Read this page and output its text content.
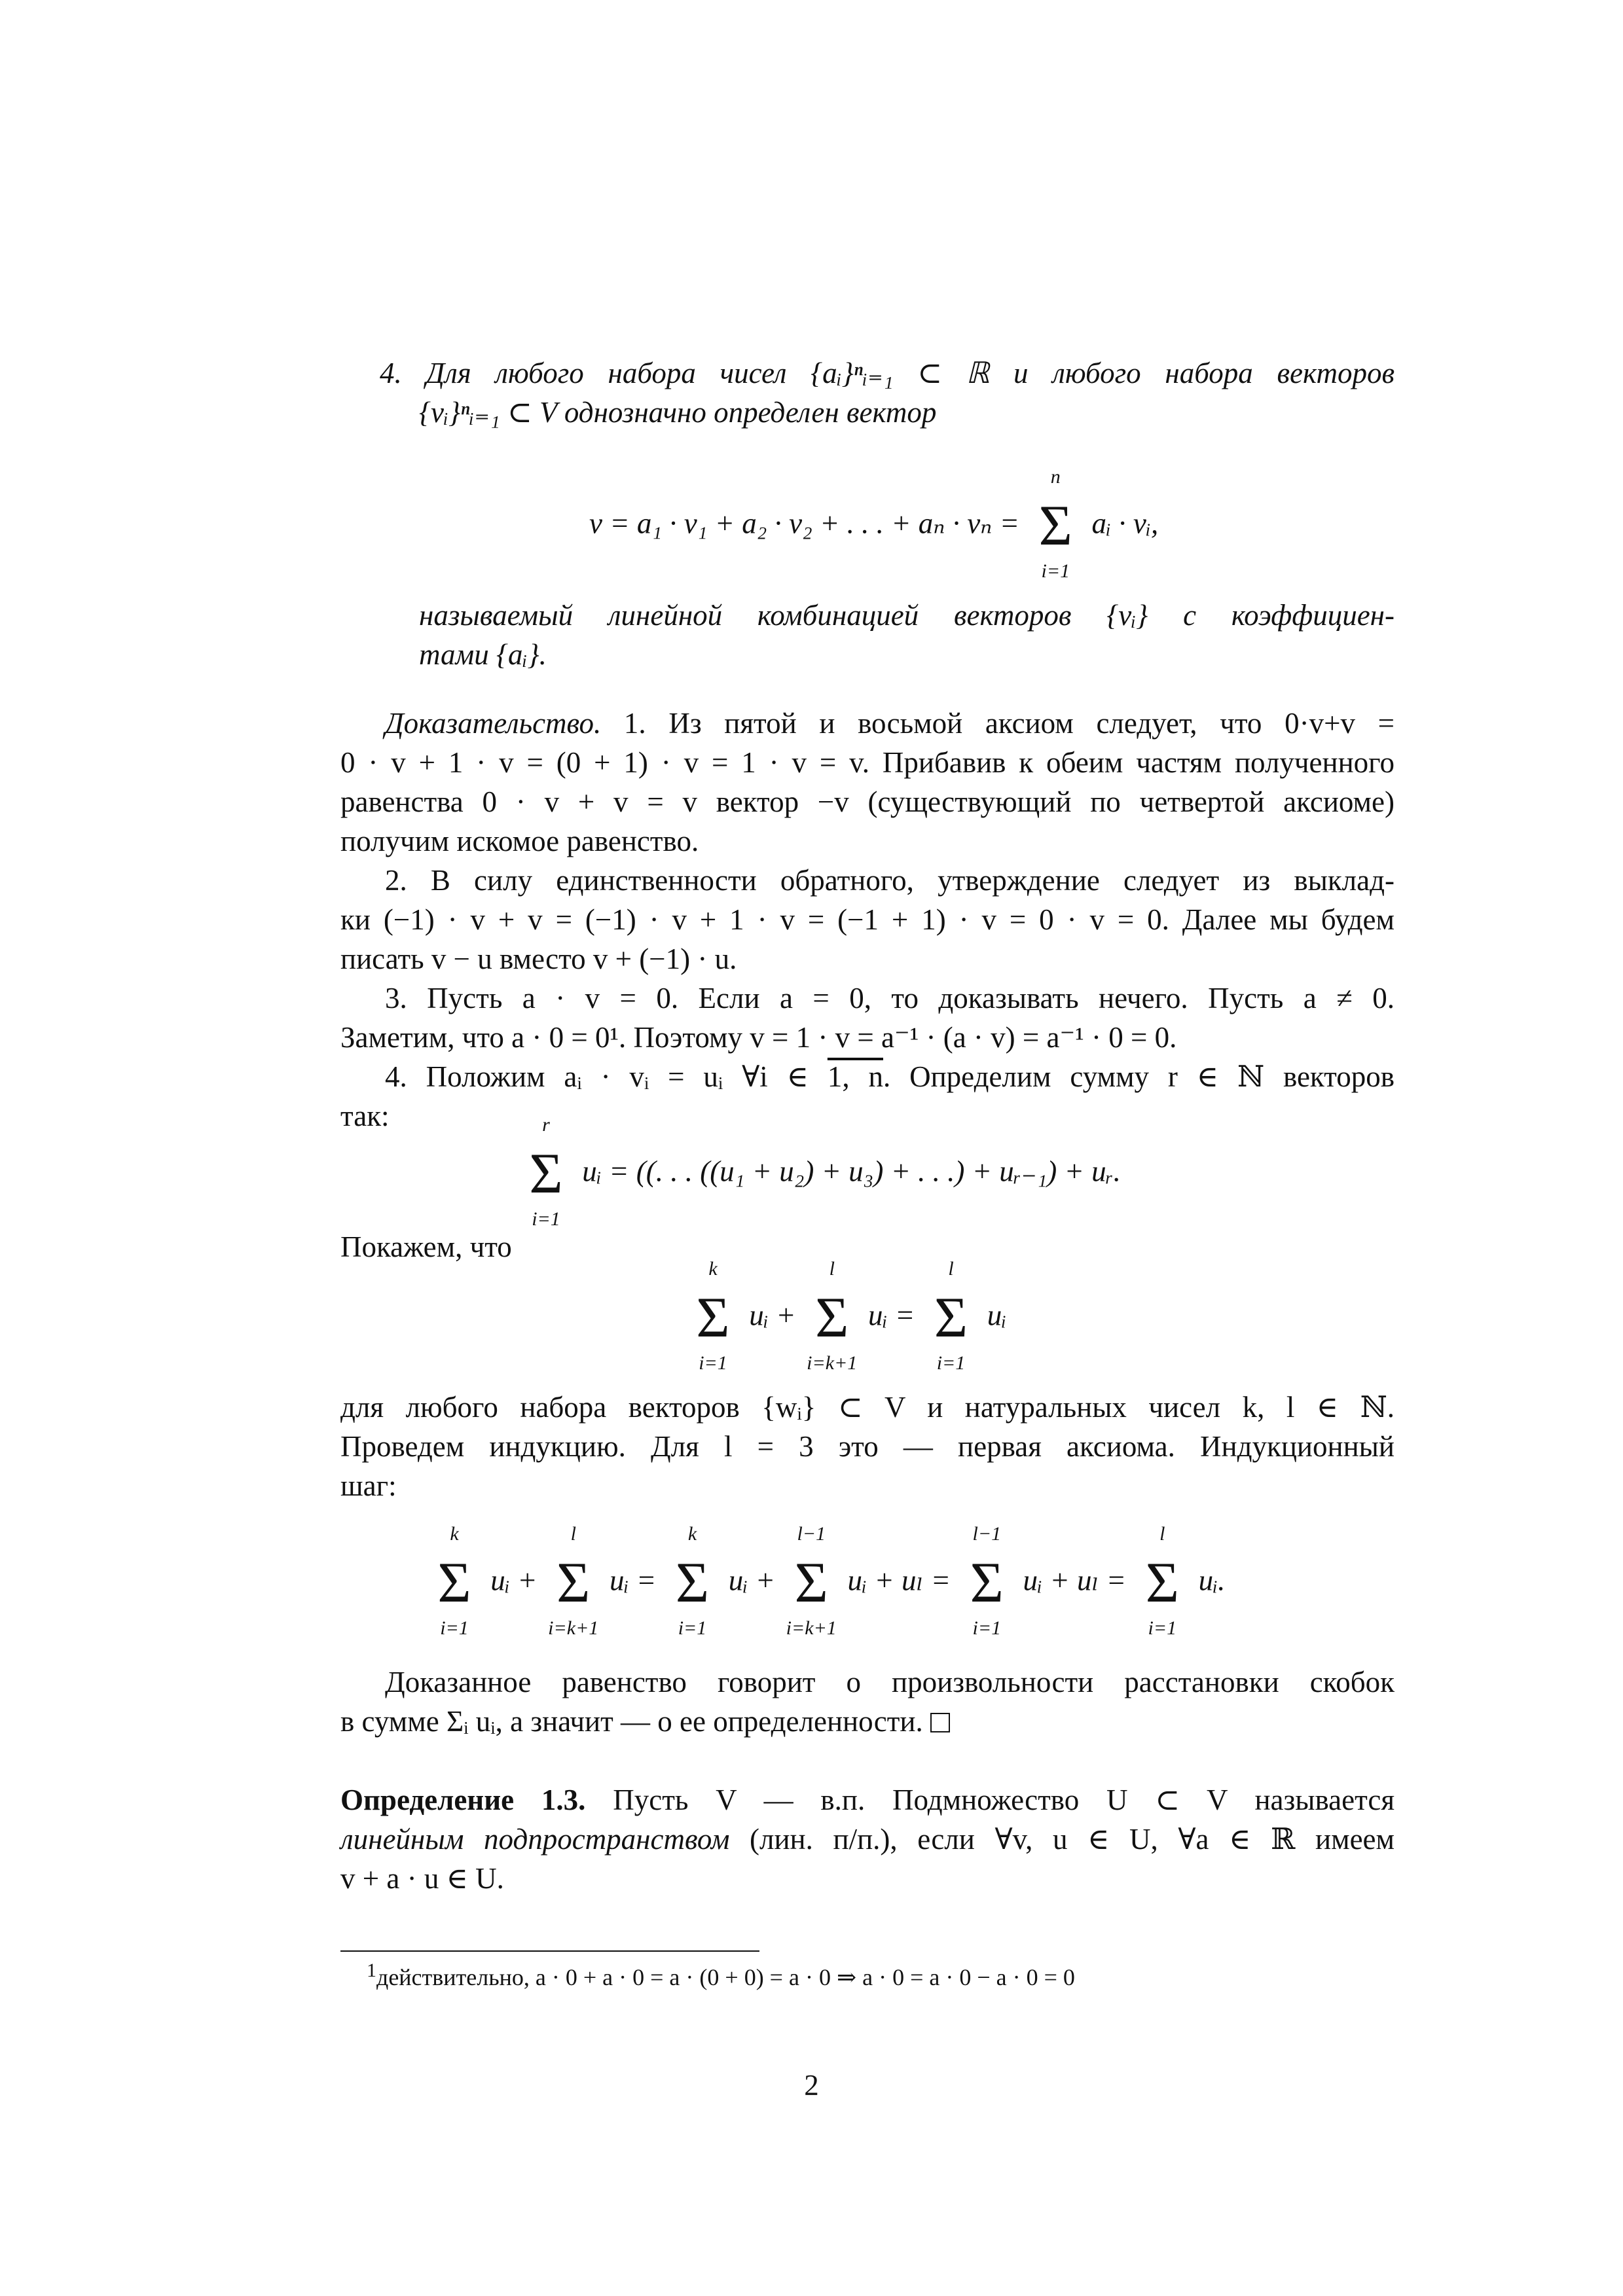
4. Для любого набора чисел {aᵢ}ⁿᵢ₌₁ ⊂ ℝ и любого набора векторов
{vᵢ}ⁿᵢ₌₁ ⊂ V однозначно определен вектор
v = a₁ · v₁ + a₂ · v₂ + . . . + aₙ · vₙ =
n
Σ
i=1
aᵢ · vᵢ,
называемый линейной комбинацией векторов {vᵢ} с коэффициен-
тами {aᵢ}.
Доказательство. 1. Из пятой и восьмой аксиом следует, что 0·v+v =
0 · v + 1 · v = (0 + 1) · v = 1 · v = v. Прибавив к обеим частям полученного
равенства 0 · v + v = v вектор −v (существующий по четвертой аксиоме)
получим искомое равенство.
2. В силу единственности обратного, утверждение следует из выклад-
ки (−1) · v + v = (−1) · v + 1 · v = (−1 + 1) · v = 0 · v = 0. Далее мы будем
писать v − u вместо v + (−1) · u.
3. Пусть a · v = 0. Если a = 0, то доказывать нечего. Пусть a ≠ 0.
Заметим, что a · 0 = 0¹. Поэтому v = 1 · v = a⁻¹ · (a · v) = a⁻¹ · 0 = 0.
4. Положим aᵢ · vᵢ = uᵢ ∀i ∈ 1, n. Определим сумму r ∈ ℕ векторов
так:	r
Σ
i=1
uᵢ = ((. . . ((u₁ + u₂) + u₃) + . . .) + uᵣ₋₁) + uᵣ.
Покажем, что
k
Σ
i=1
uᵢ +
l
Σ
i=k+1
uᵢ =
l
Σ
i=1
uᵢ
для любого набора векторов {wᵢ} ⊂ V и натуральных чисел k, l ∈ ℕ.
Проведем индукцию. Для l = 3 это — первая аксиома. Индукционный
шаг:
k
Σ
i=1
uᵢ +
l
Σ
i=k+1
uᵢ =
k
Σ
i=1
uᵢ +
l−1
Σ
i=k+1
uᵢ + uₗ =
l−1
Σ
i=1
uᵢ + uₗ =
l
Σ
i=1
uᵢ.
Доказанное равенство говорит о произвольности расстановки скобок
в сумме Σᵢ uᵢ, а значит — о ее определенности.
Определение 1.3. Пусть V — в.п. Подмножество U ⊂ V называется
линейным подпространством (лин. п/п.), если ∀v, u ∈ U, ∀a ∈ ℝ имеем
v + a · u ∈ U.
$^1$действительно, a · 0 + a · 0 = a · (0 + 0) = a · 0 ⇒ a · 0 = a · 0 − a · 0 = 0
2
